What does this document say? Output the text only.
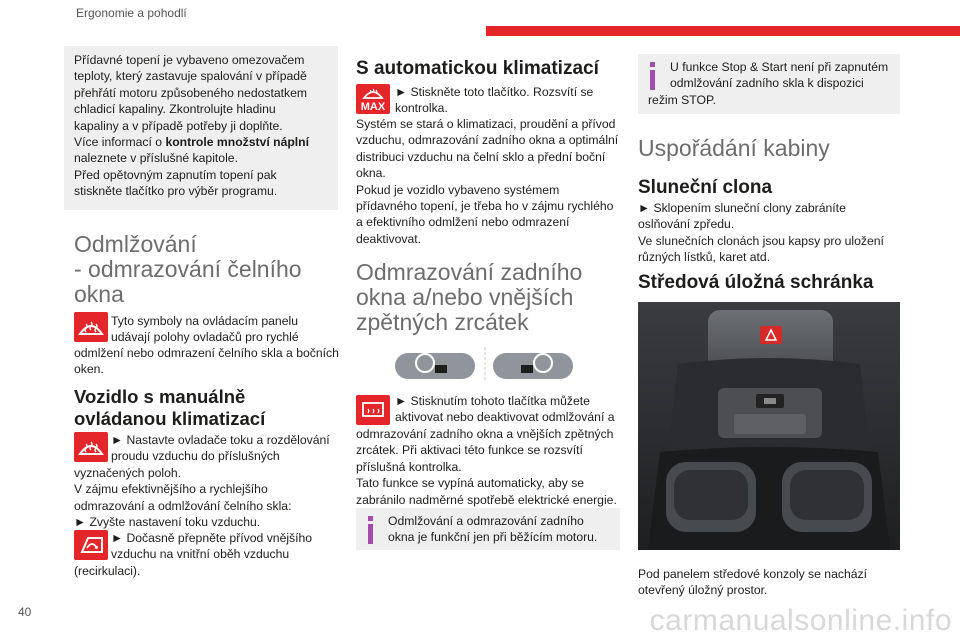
Ergonomie a pohodlí
Přídavné topení je vybaveno omezovačem
teploty, který zastavuje spalování v případě
přehřátí motoru způsobeného nedostatkem
chladicí kapaliny. Zkontrolujte hladinu
kapaliny a v případě potřeby ji doplňte.
Více informací o kontrole množství náplní
naleznete v příslušné kapitole.
Před opětovným zapnutím topení pak
stiskněte tlačítko pro výběr programu.
Odmlžování
- odmrazování čelního
okna
Tyto symboly na ovládacím panelu
udávají polohy ovladačů pro rychlé
odmlžení nebo odmrazení čelního skla a bočních
oken.
Vozidlo s manuálně
ovládanou klimatizací
► Nastavte ovladače toku a rozdělování
proudu vzduchu do příslušných
vyznačených poloh.
V zájmu efektivnějšího a rychlejšího
odmrazování a odmlžování čelního skla:
► Zvyšte nastavení toku vzduchu.
► Dočasně přepněte přívod vnějšího
vzduchu na vnitřní oběh vzduchu
(recirkulaci).
S automatickou klimatizací
MAX
► Stiskněte toto tlačítko. Rozsvítí se
kontrolka.
Systém se stará o klimatizaci, proudění a přívod
vzduchu, odmrazování zadního okna a optimální
distribuci vzduchu na čelní sklo a přední boční
okna.
Pokud je vozidlo vybaveno systémem
přídavného topení, je třeba ho v zájmu rychlého
a efektivního odmlžení nebo odmrazení
deaktivovat.
Odmrazování zadního
okna a/nebo vnějších
zpětných zrcátek
► Stisknutím tohoto tlačítka můžete
aktivovat nebo deaktivovat odmlžování a
odmrazování zadního okna a vnějších zpětných
zrcátek. Při aktivaci této funkce se rozsvítí
příslušná kontrolka.
Tato funkce se vypíná automaticky, aby se
zabránilo nadměrné spotřebě elektrické energie.
Odmlžování a odmrazování zadního
okna je funkční jen při běžícím motoru.
U funkce Stop & Start není při zapnutém
odmlžování zadního skla k dispozici
režim STOP.
Uspořádání kabiny
Sluneční clona
► Sklopením sluneční clony zabráníte
oslňování zpředu.
Ve slunečních clonách jsou kapsy pro uložení
různých lístků, karet atd.
Středová úložná schránka
Pod panelem středové konzoly se nachází
otevřený úložný prostor.
40	carmanualsonline.info
